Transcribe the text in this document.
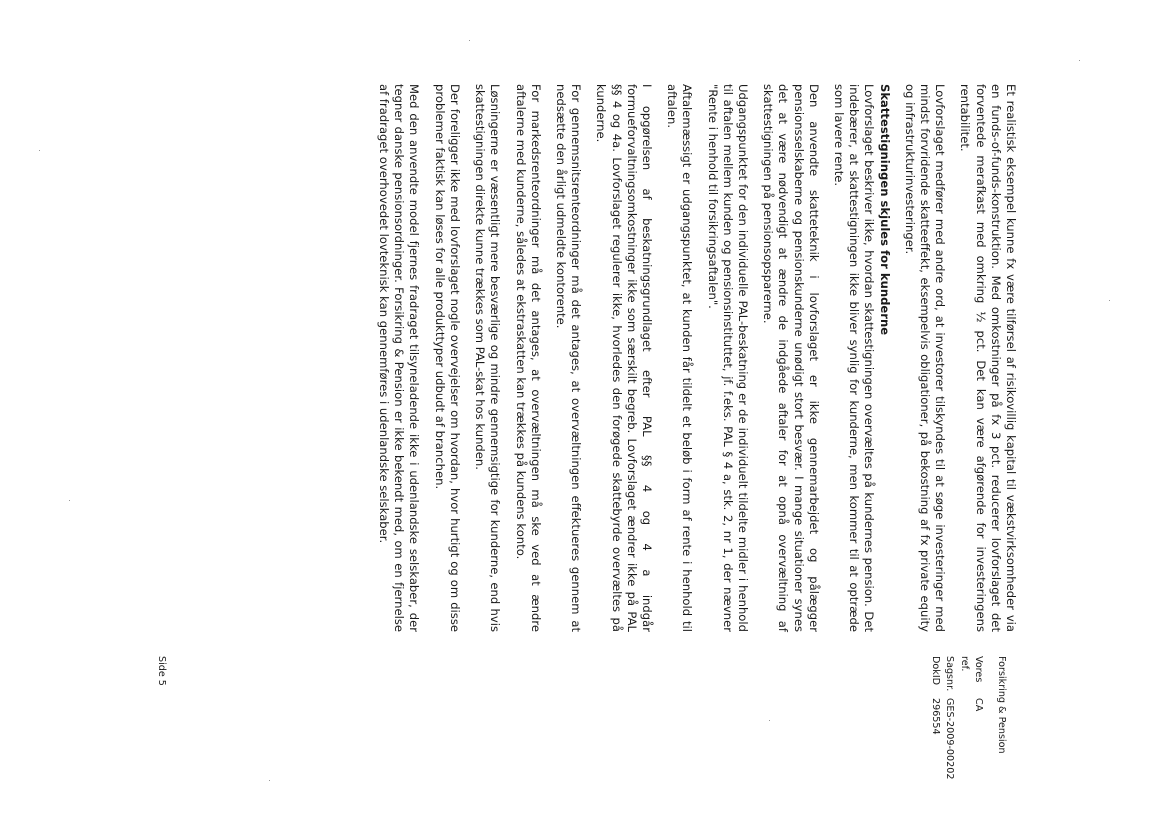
Forsikring & Pension
Vores ref.
CA
Sagsnr.
GES-2009-00202
DokID
296554

Et realistisk eksempel kunne fx være tilførsel af risikovillig kapital til vækstvirksomheder via en funds-of-funds-konstruktion. Med omkostninger på fx 3 pct. reducerer lovforslaget det forventede merafkast med omkring ½ pct. Det kan være afgørende for investeringens rentabilitet.

Lovforslaget medfører med andre ord, at investorer tilskyndes til at søge investeringer med mindst forvridende skatteeffekt, eksempelvis obligationer, på bekostning af fx private equity og infrastrukturinvesteringer.

Skattestigningen skjules for kunderne

Lovforslaget beskriver ikke, hvordan skattestigningen overvæltes på kundernes pension. Det indebærer, at skattestigningen ikke bliver synlig for kunderne, men kommer til at optræde som lavere rente.

Den anvendte skatteteknik i lovforslaget er ikke gennemarbejdet og pålægger pensionsselskaberne og pensionskunderne unødigt stort besvær. I mange situationer synes det at være nødvendigt at ændre de indgåede aftaler for at opnå overvæltning af skattestigningen på pensionsopsparerne.

Udgangspunktet for den individuelle PAL-beskatning er de individuelt tildelte midler i henhold til aftalen mellem kunden og pensionsinstituttet, jf. f.eks. PAL § 4 a, stk. 2, nr 1, der nævner "Rente i henhold til forsikringsaftalen".

Aftalemæssigt er udgangspunktet, at kunden får tildelt et beløb i form af rente i henhold til aftalen.

I opgørelsen af beskatningsgrundlaget efter PAL §§ 4 og 4 a indgår formueforvaltningsomkostninger ikke som særskilt begreb. Lovforslaget ændrer ikke på PAL §§ 4 og 4a. Lovforslaget regulerer ikke, hvorledes den forøgede skattebyrde overvæltes på kunderne.

For gennemsnitsrenteordninger må det antages, at overvæltningen effektueres gennem at nedsætte den årligt udmeldte kontorente.

For markedsrenteordninger må det antages, at overvæltningen må ske ved at ændre aftalerne med kunderne, således at ekstraskatten kan trækkes på kundens konto.

Løsningerne er væsentligt mere besværlige og mindre gennemsigtige for kunderne, end hvis skattestigningen direkte kunne trækkes som PAL-skat hos kunden.

Der foreligger ikke med lovforslaget nogle overvejelser om hvordan, hvor hurtigt og om disse problemer faktisk kan løses for alle produkttyper udbudt af branchen.

Med den anvendte model fjernes fradraget tilsyneladende ikke i udenlandske selskaber, der tegner danske pensionsordninger. Forsikring & Pension er ikke bekendt med, om en fjernelse af fradraget overhovedet lovteknisk kan gennemføres i udenlandske selskaber.

Side 5
